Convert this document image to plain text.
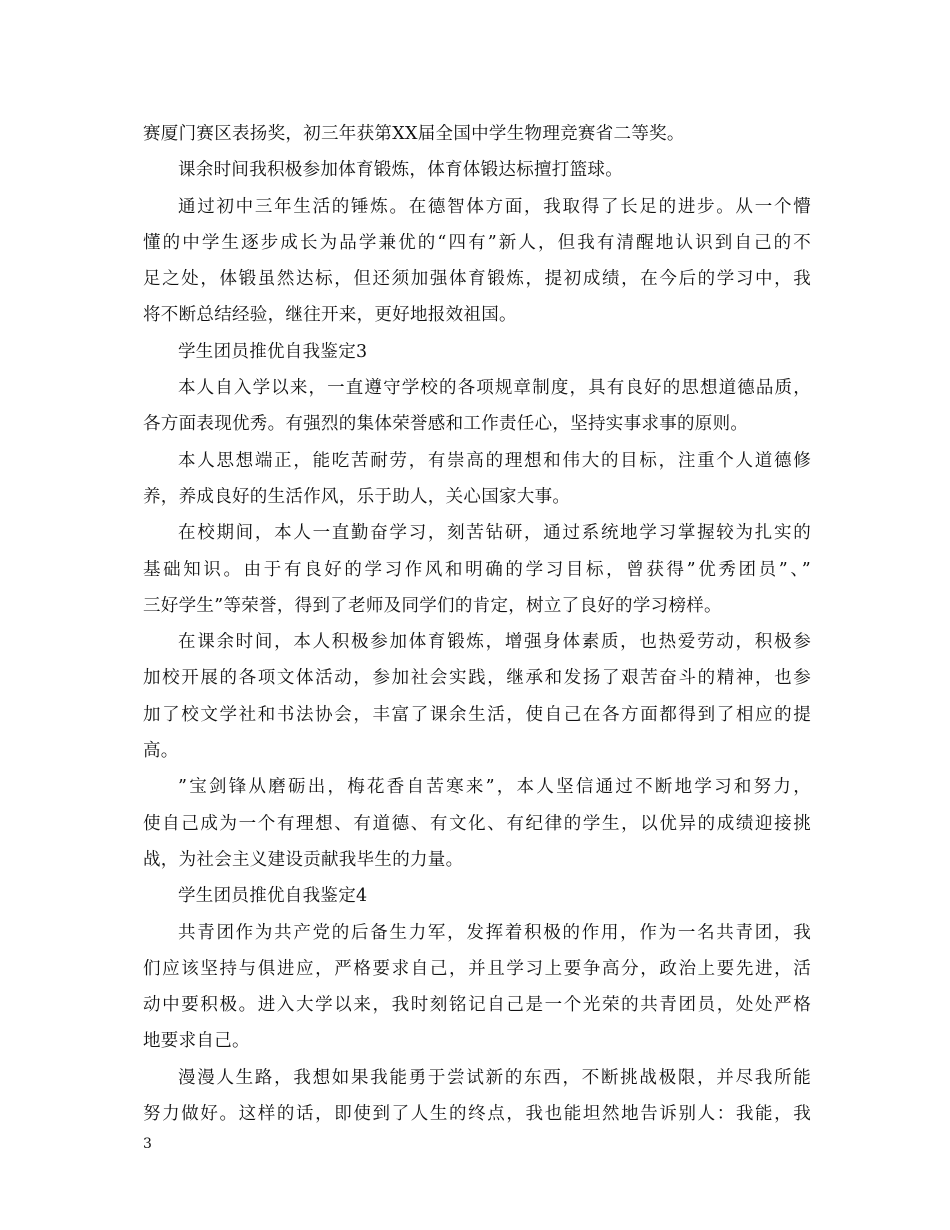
赛厦门赛区表扬奖，初三年获第XX届全国中学生物理竞赛省二等奖。
课余时间我积极参加体育锻炼，体育体锻达标擅打篮球。
通过初中三年生活的锤炼。在德智体方面，我取得了长足的进步。从一个懵
懂的中学生逐步成长为品学兼优的“四有”新人，但我有清醒地认识到自己的不
足之处，体锻虽然达标，但还须加强体育锻炼，提初成绩，在今后的学习中，我
将不断总结经验，继往开来，更好地报效祖国。
学生团员推优自我鉴定3
本人自入学以来，一直遵守学校的各项规章制度，具有良好的思想道德品质，
各方面表现优秀。有强烈的集体荣誉感和工作责任心，坚持实事求事的原则。
本人思想端正，能吃苦耐劳，有崇高的理想和伟大的目标，注重个人道德修
养，养成良好的生活作风，乐于助人，关心国家大事。
在校期间，本人一直勤奋学习，刻苦钻研，通过系统地学习掌握较为扎实的
基础知识。由于有良好的学习作风和明确的学习目标，曾获得”优秀团员”、”
三好学生”等荣誉，得到了老师及同学们的肯定，树立了良好的学习榜样。
在课余时间，本人积极参加体育锻炼，增强身体素质，也热爱劳动，积极参
加校开展的各项文体活动，参加社会实践，继承和发扬了艰苦奋斗的精神，也参
加了校文学社和书法协会，丰富了课余生活，使自己在各方面都得到了相应的提
高。
”宝剑锋从磨砺出，梅花香自苦寒来”，本人坚信通过不断地学习和努力，
使自己成为一个有理想、有道德、有文化、有纪律的学生，以优异的成绩迎接挑
战，为社会主义建设贡献我毕生的力量。
学生团员推优自我鉴定4
共青团作为共产党的后备生力军，发挥着积极的作用，作为一名共青团，我
们应该坚持与俱进应，严格要求自己，并且学习上要争高分，政治上要先进，活
动中要积极。进入大学以来，我时刻铭记自己是一个光荣的共青团员，处处严格
地要求自己。
漫漫人生路，我想如果我能勇于尝试新的东西，不断挑战极限，并尽我所能
努力做好。这样的话，即使到了人生的终点，我也能坦然地告诉别人：我能，我
3
